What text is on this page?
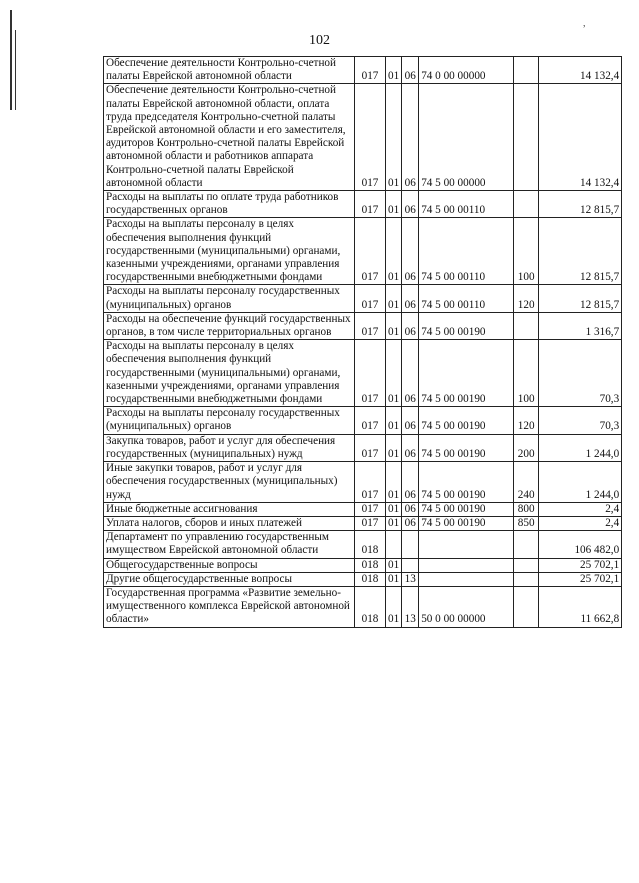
102
Обеспечение деятельности Контрольно-счетной палаты Еврейской автономной области	017	01	06	74 0 00 00000		14 132,4
Обеспечение деятельности Контрольно-счетной палаты Еврейской автономной области, оплата труда председателя Контрольно-счетной палаты Еврейской автономной области и его заместителя, аудиторов Контрольно-счетной палаты Еврейской автономной области и работников аппарата Контрольно-счетной палаты Еврейской автономной области	017	01	06	74 5 00 00000		14 132,4
Расходы на выплаты по оплате труда работников государственных органов	017	01	06	74 5 00 00110		12 815,7
Расходы на выплаты персоналу в целях обеспечения выполнения функций государственными (муниципальными) органами, казенными учреждениями, органами управления государственными внебюджетными фондами	017	01	06	74 5 00 00110	100	12 815,7
Расходы на выплаты персоналу государственных (муниципальных) органов	017	01	06	74 5 00 00110	120	12 815,7
Расходы на обеспечение функций государственных органов, в том числе территориальных органов	017	01	06	74 5 00 00190		1 316,7
Расходы на выплаты персоналу в целях обеспечения выполнения функций государственными (муниципальными) органами, казенными учреждениями, органами управления государственными внебюджетными фондами	017	01	06	74 5 00 00190	100	70,3
Расходы на выплаты персоналу государственных (муниципальных) органов	017	01	06	74 5 00 00190	120	70,3
Закупка товаров, работ и услуг для обеспечения государственных (муниципальных) нужд	017	01	06	74 5 00 00190	200	1 244,0
Иные закупки товаров, работ и услуг для обеспечения государственных (муниципальных) нужд	017	01	06	74 5 00 00190	240	1 244,0
Иные бюджетные ассигнования	017	01	06	74 5 00 00190	800	2,4
Уплата налогов, сборов и иных платежей	017	01	06	74 5 00 00190	850	2,4
Департамент по управлению государственным имуществом Еврейской автономной области	018					106 482,0
Общегосударственные вопросы	018	01				25 702,1
Другие общегосударственные вопросы	018	01	13			25 702,1
Государственная программа «Развитие земельно-имущественного комплекса Еврейской автономной области»	018	01	13	50 0 00 00000		11 662,8
,
